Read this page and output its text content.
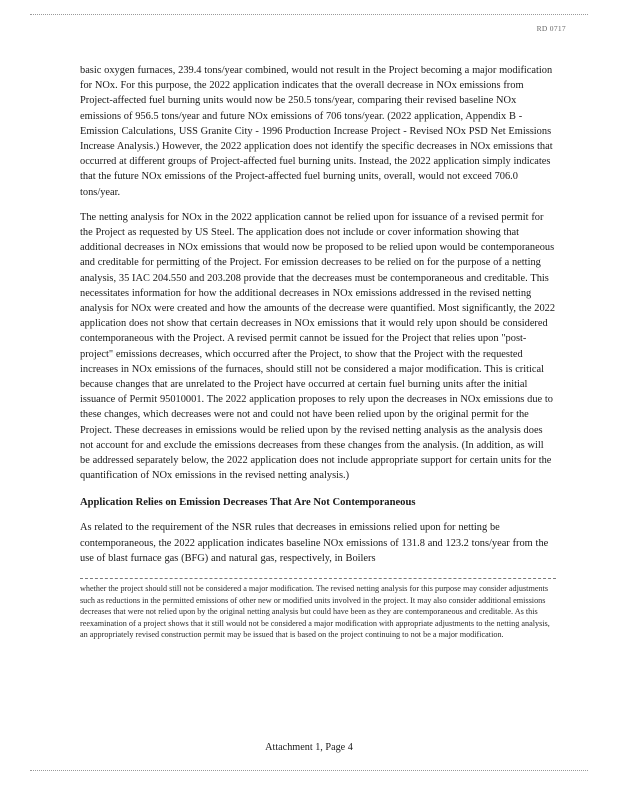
RD 0717

basic oxygen furnaces, 239.4 tons/year combined, would not result in the Project becoming a major modification for NOx. For this purpose, the 2022 application indicates that the overall decrease in NOx emissions from Project-affected fuel burning units would now be 250.5 tons/year, comparing their revised baseline NOx emissions of 956.5 tons/year and future NOx emissions of 706 tons/year. (2022 application, Appendix B - Emission Calculations, USS Granite City - 1996 Production Increase Project - Revised NOx PSD Net Emissions Increase Analysis.) However, the 2022 application does not identify the specific decreases in NOx emissions that occurred at different groups of Project-affected fuel burning units. Instead, the 2022 application simply indicates that the future NOx emissions of the Project-affected fuel burning units, overall, would not exceed 706.0 tons/year.

The netting analysis for NOx in the 2022 application cannot be relied upon for issuance of a revised permit for the Project as requested by US Steel. The application does not include or cover information showing that additional decreases in NOx emissions that would now be proposed to be relied upon would be contemporaneous and creditable for permitting of the Project. For emission decreases to be relied on for the purpose of a netting analysis, 35 IAC 204.550 and 203.208 provide that the decreases must be contemporaneous and creditable. This necessitates information for how the additional decreases in NOx emissions addressed in the revised netting analysis for NOx were created and how the amounts of the decrease were quantified. Most significantly, the 2022 application does not show that certain decreases in NOx emissions that it would rely upon should be considered contemporaneous with the Project. A revised permit cannot be issued for the Project that relies upon "post-project" emissions decreases, which occurred after the Project, to show that the Project with the requested increases in NOx emissions of the furnaces, should still not be considered a major modification. This is critical because changes that are unrelated to the Project have occurred at certain fuel burning units after the initial issuance of Permit 95010001. The 2022 application proposes to rely upon the decreases in NOx emissions due to these changes, which decreases were not and could not have been relied upon by the original permit for the Project. These decreases in emissions would be relied upon by the revised netting analysis as the analysis does not account for and exclude the emissions decreases from these changes from the analysis. (In addition, as will be addressed separately below, the 2022 application does not include appropriate support for certain units for the quantification of NOx emissions in the revised netting analysis.)

Application Relies on Emission Decreases That Are Not Contemporaneous

As related to the requirement of the NSR rules that decreases in emissions relied upon for netting be contemporaneous, the 2022 application indicates baseline NOx emissions of 131.8 and 123.2 tons/year from the use of blast furnace gas (BFG) and natural gas, respectively, in Boilers

whether the project should still not be considered a major modification. The revised netting analysis for this purpose may consider adjustments such as reductions in the permitted emissions of other new or modified units involved in the project. It may also consider additional emissions decreases that were not relied upon by the original netting analysis but could have been as they are contemporaneous and creditable. As this reexamination of a project shows that it still would not be considered a major modification with appropriate adjustments to the netting analysis, an appropriately revised construction permit may be issued that is based on the project continuing to not be a major modification.

Attachment 1, Page 4
